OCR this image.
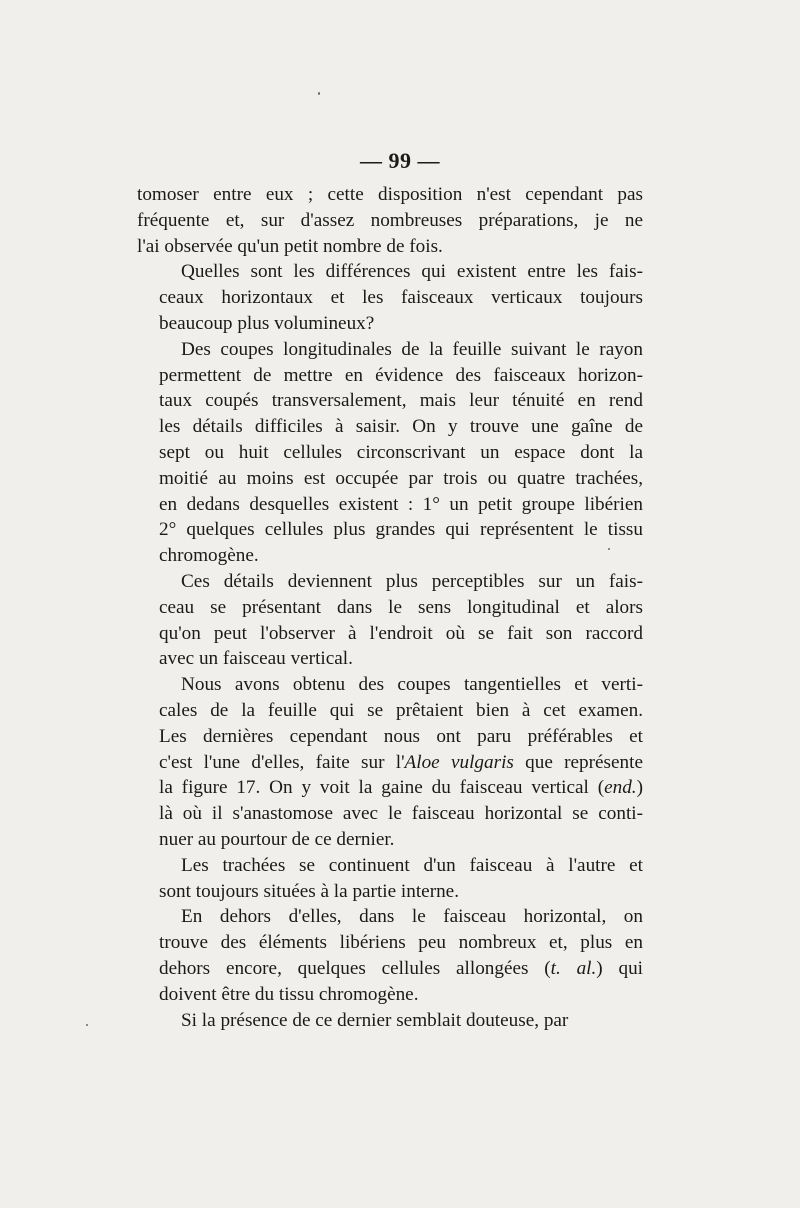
— 99 —

tomoser entre eux ; cette disposition n'est cependant pas
fréquente et, sur d'assez nombreuses préparations, je ne
l'ai observée qu'un petit nombre de fois.

Quelles sont les différences qui existent entre les fais-
ceaux horizontaux et les faisceaux verticaux toujours
beaucoup plus volumineux?

Des coupes longitudinales de la feuille suivant le rayon
permettent de mettre en évidence des faisceaux horizon-
taux coupés transversalement, mais leur ténuité en rend
les détails difficiles à saisir. On y trouve une gaîne de
sept ou huit cellules circonscrivant un espace dont la
moitié au moins est occupée par trois ou quatre trachées,
en dedans desquelles existent : 1° un petit groupe libérien
2° quelques cellules plus grandes qui représentent le tissu
chromogène.

Ces détails deviennent plus perceptibles sur un fais-
ceau se présentant dans le sens longitudinal et alors
qu'on peut l'observer à l'endroit où se fait son raccord
avec un faisceau vertical.

Nous avons obtenu des coupes tangentielles et verti-
cales de la feuille qui se prêtaient bien à cet examen.
Les dernières cependant nous ont paru préférables et
c'est l'une d'elles, faite sur l'Aloe vulgaris que représente
la figure 17. On y voit la gaine du faisceau vertical (end.)
là où il s'anastomose avec le faisceau horizontal se conti-
nuer au pourtour de ce dernier.

Les trachées se continuent d'un faisceau à l'autre et
sont toujours situées à la partie interne.

En dehors d'elles, dans le faisceau horizontal, on
trouve des éléments libériens peu nombreux et, plus en
dehors encore, quelques cellules allongées (t. al.) qui
doivent être du tissu chromogène.

Si la présence de ce dernier semblait douteuse, par
